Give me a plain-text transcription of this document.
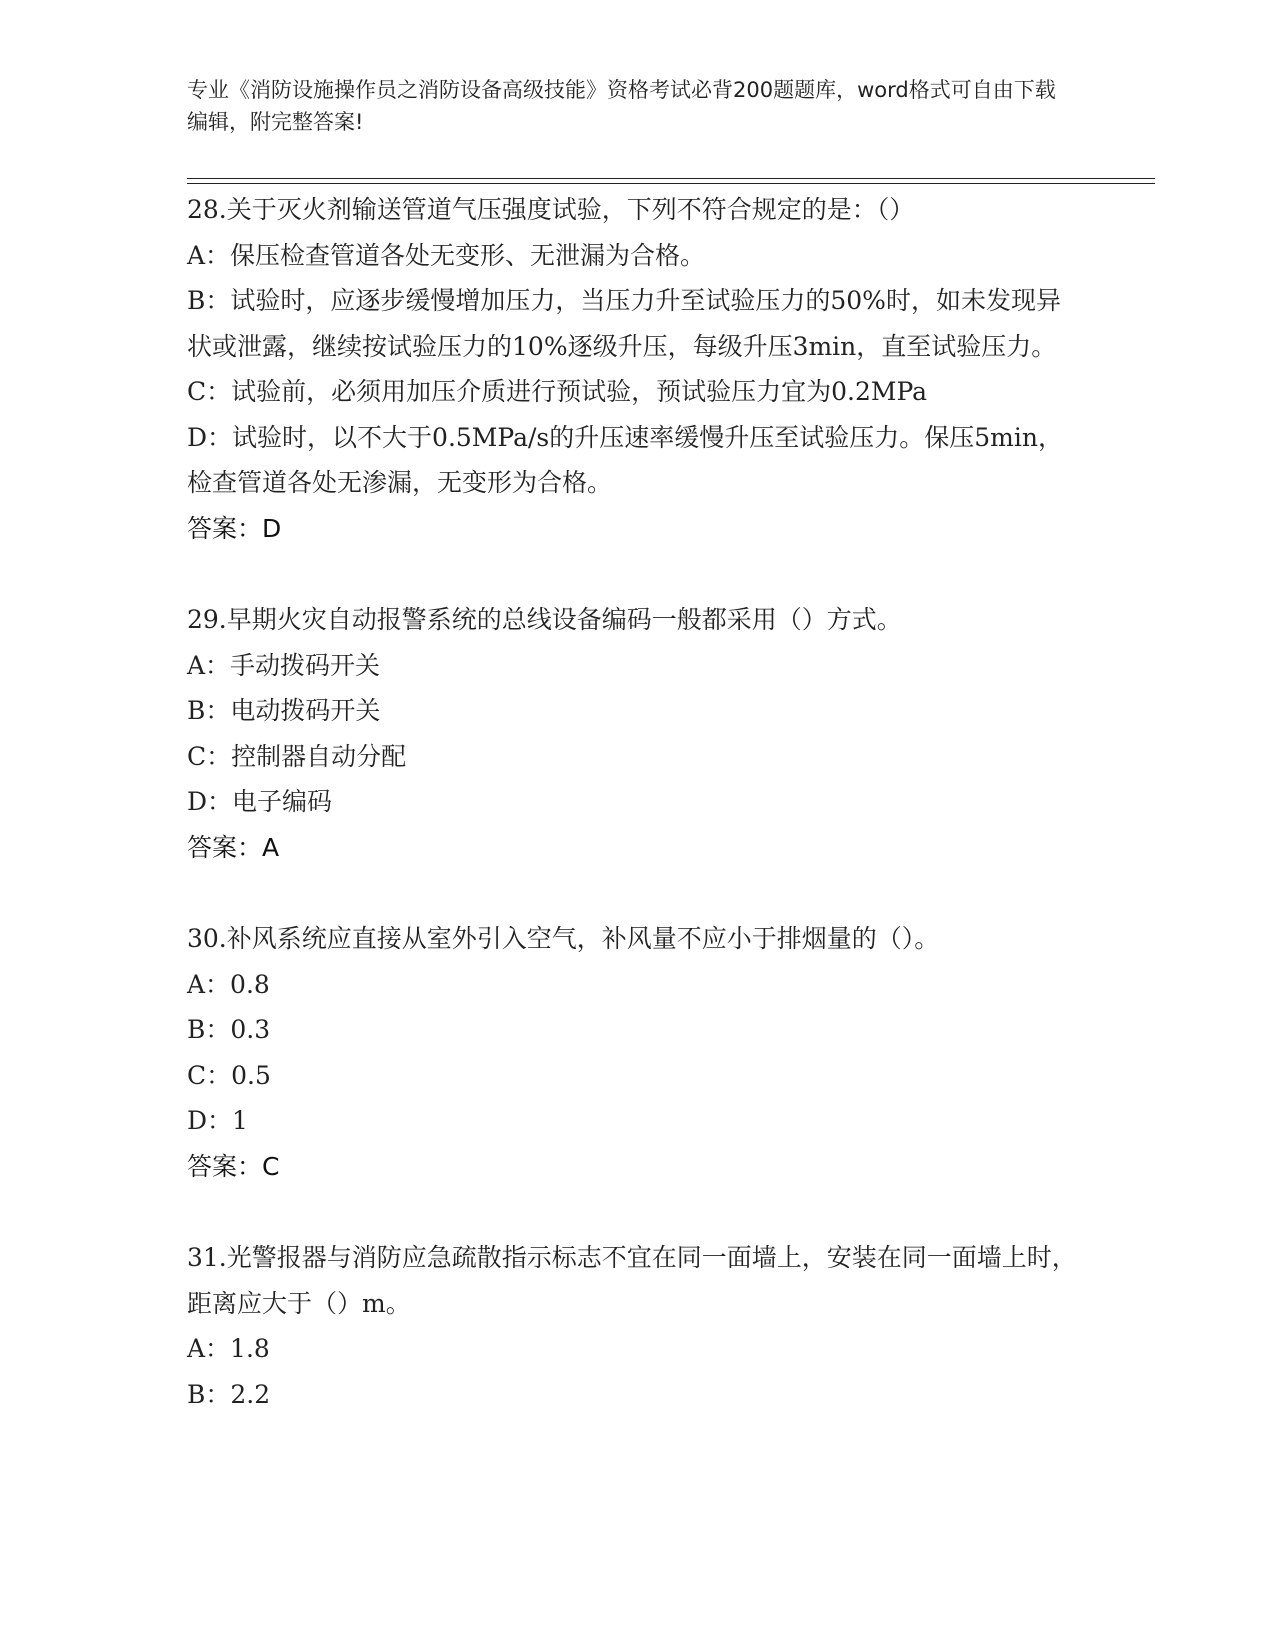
专业《消防设施操作员之消防设备高级技能》资格考试必背200题题库，word格式可自由下载编辑，附完整答案!
28.关于灭火剂输送管道气压强度试验，下列不符合规定的是：（）
A：保压检查管道各处无变形、无泄漏为合格。
B：试验时，应逐步缓慢增加压力，当压力升至试验压力的50%时，如未发现异状或泄露，继续按试验压力的10%逐级升压，每级升压3min，直至试验压力。
C：试验前，必须用加压介质进行预试验，预试验压力宜为0.2MPa
D：试验时，以不大于0.5MPa/s的升压速率缓慢升压至试验压力。保压5min，检查管道各处无渗漏，无变形为合格。
答案：D
29.早期火灾自动报警系统的总线设备编码一般都采用（）方式。
A：手动拨码开关
B：电动拨码开关
C：控制器自动分配
D：电子编码
答案：A
30.补风系统应直接从室外引入空气，补风量不应小于排烟量的（）。
A：0.8
B：0.3
C：0.5
D：1
答案：C
31.光警报器与消防应急疏散指示标志不宜在同一面墙上，安装在同一面墙上时，距离应大于（）m。
A：1.8
B：2.2
